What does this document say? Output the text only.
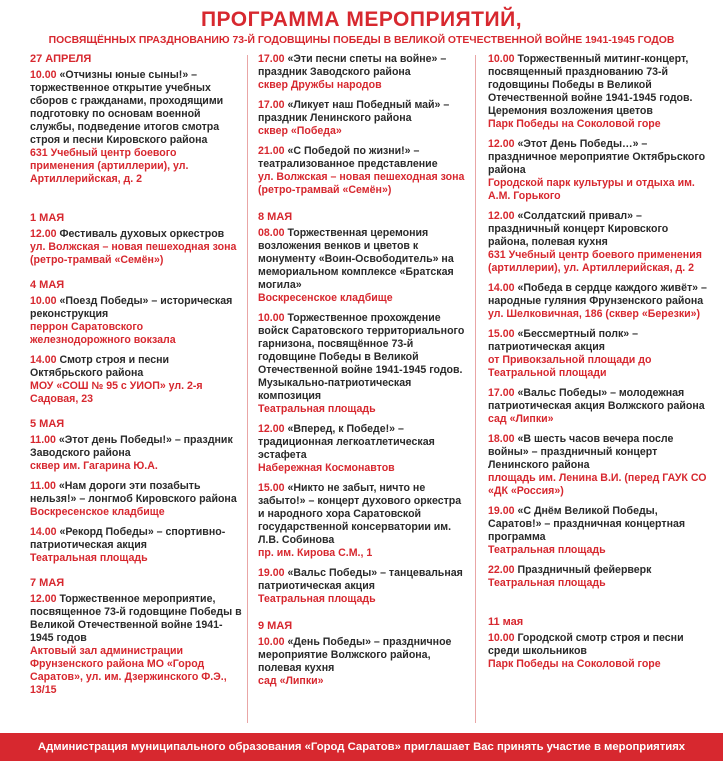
ПРОГРАММА МЕРОПРИЯТИЙ,
ПОСВЯЩЁННЫХ ПРАЗДНОВАНИЮ 73-Й ГОДОВЩИНЫ ПОБЕДЫ В ВЕЛИКОЙ ОТЕЧЕСТВЕННОЙ ВОЙНЕ 1941-1945 ГОДОВ
27 АПРЕЛЯ
10.00 «Отчизны юные сыны!» – торжественное открытие учебных сборов с гражданами, проходящими подготовку по основам военной службы, подведение итогов смотра строя и песни Кировского района
631 Учебный центр боевого применения (артиллерии), ул. Артиллерийская, д. 2
1 МАЯ
12.00 Фестиваль духовых оркестров
ул. Волжская – новая пешеходная зона (ретро-трамвай «Семён»)
4 МАЯ
10.00 «Поезд Победы» – историческая реконструкция
перрон Саратовского железнодорожного вокзала
14.00 Смотр строя и песни Октябрьского района
МОУ «СОШ № 95 с УИОП» ул. 2-я Садовая, 23
5 МАЯ
11.00 «Этот день Победы!» – праздник Заводского района
сквер им. Гагарина Ю.А.
11.00 «Нам дороги эти позабыть нельзя!» – лонгмоб Кировского района
Воскресенское кладбище
14.00 «Рекорд Победы» – спортивно-патриотическая акция
Театральная площадь
7 МАЯ
12.00 Торжественное мероприятие, посвященное 73-й годовщине Победы в Великой Отечественной войне 1941- 1945 годов
Актовый зал администрации Фрунзенского района МО «Город Саратов», ул. им. Дзержинского Ф.Э., 13/15
17.00 «Эти песни спеты на войне» – праздник Заводского района
сквер Дружбы народов
17.00 «Ликует наш Победный май» – праздник Ленинского района
сквер «Победа»
21.00 «С Победой по жизни!» – театрализованное представление
ул. Волжская – новая пешеходная зона (ретро-трамвай «Семён»)
8 МАЯ
08.00 Торжественная церемония возложения венков и цветов к монументу «Воин-Освободитель» на мемориальном комплексе «Братская могила»
Воскресенское кладбище
10.00 Торжественное прохождение войск Саратовского территориального гарнизона, посвящённое 73-й годовщине Победы в Великой Отечественной войне 1941-1945 годов. Музыкально-патриотическая композиция
Театральная площадь
12.00 «Вперед, к Победе!» – традиционная легкоатлетическая эстафета
Набережная Космонавтов
15.00 «Никто не забыт, ничто не забыто!» – концерт духового оркестра и народного хора Саратовской государственной консерватории им. Л.В. Собинова
пр. им. Кирова С.М., 1
19.00 «Вальс Победы» – танцевальная патриотическая акция
Театральная площадь
9 МАЯ
10.00 «День Победы» – праздничное мероприятие Волжского района, полевая кухня
сад «Липки»
10.00 Торжественный митинг-концерт, посвященный празднованию 73-й годовщины Победы в Великой Отечественной войне 1941-1945 годов. Церемония возложения цветов
Парк Победы на Соколовой горе
12.00 «Этот День Победы…» – праздничное мероприятие Октябрьского района
Городской парк культуры и отдыха им. А.М. Горького
12.00 «Солдатский привал» – праздничный концерт Кировского района, полевая кухня
631 Учебный центр боевого применения (артиллерии), ул. Артиллерийская, д. 2
14.00 «Победа в сердце каждого живёт» – народные гуляния Фрунзенского района
ул. Шелковичная, 186 (сквер «Березки»)
15.00 «Бессмертный полк» – патриотическая акция
от Привокзальной площади до Театральной площади
17.00 «Вальс Победы» – молодежная патриотическая акция Волжского района
сад «Липки»
18.00 «В шесть часов вечера после войны» – праздничный концерт Ленинского района
площадь им. Ленина В.И. (перед ГАУК СО «ДК «Россия»)
19.00 «С Днём Великой Победы, Саратов!» – праздничная концертная программа
Театральная площадь
22.00 Праздничный фейерверк
Театральная площадь
11 мая
10.00 Городской смотр строя и песни среди школьников
Парк Победы на Соколовой горе
Администрация муниципального образования «Город Саратов» приглашает Вас принять участие в мероприятиях
